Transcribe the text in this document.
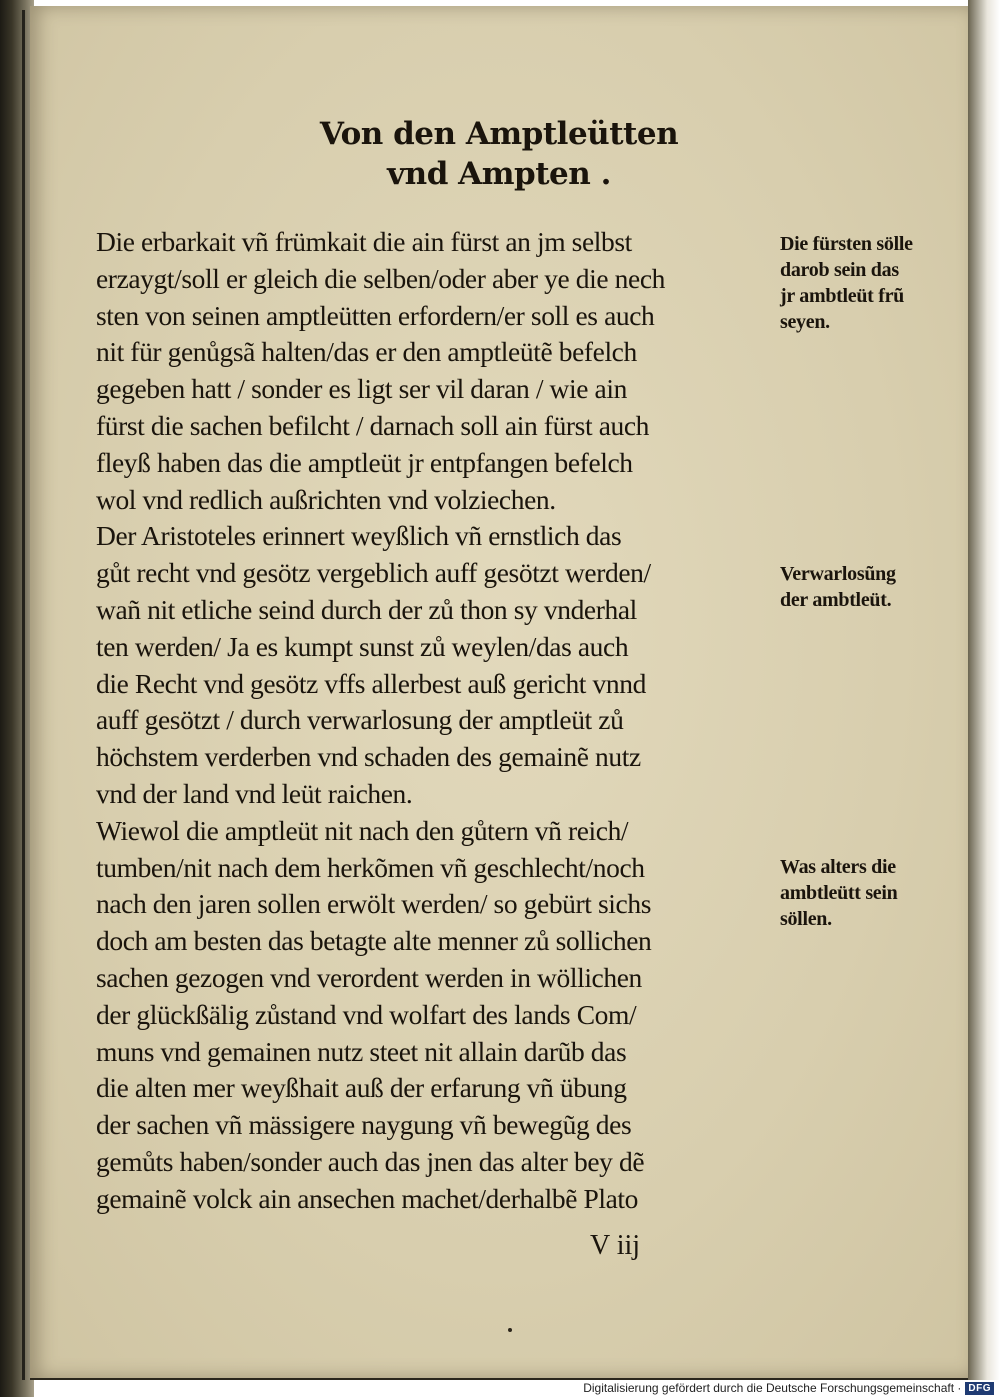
Von den Amptleütten
vnd Ampten .
Die erbarkait vñ frümkait die ain fürst an jm selbst
erzaygt/soll er gleich die selben/oder aber ye die nech
sten von seinen amptleütten erfordern/er soll es auch
nit für genůgsã halten/das er den amptleütẽ befelch
gegeben hatt / sonder es ligt ser vil daran / wie ain
fürst die sachen befilcht / darnach soll ain fürst auch
fleyß haben das die amptleüt jr entpfangen befelch
wol vnd redlich außrichten vnd volziechen.
Der Aristoteles erinnert weyßlich vñ ernstlich das
gůt recht vnd gesötz vergeblich auff gesötzt werden/
wañ nit etliche seind durch der zů thon sy vnderhal
ten werden/ Ja es kumpt sunst zů weylen/das auch
die Recht vnd gesötz vffs allerbest auß gericht vnnd
auff gesötzt / durch verwarlosung der amptleüt zů
höchstem verderben vnd schaden des gemainẽ nutz
vnd der land vnd leüt raichen.
Wiewol die amptleüt nit nach den gůtern vñ reich/
tumben/nit nach dem herkõmen vñ geschlecht/noch
nach den jaren sollen erwölt werden/ so gebürt sichs
doch am besten das betagte alte menner zů sollichen
sachen gezogen vnd verordent werden in wöllichen
der glückßälig zůstand vnd wolfart des lands Com/
muns vnd gemainen nutz steet nit allain darũb das
die alten mer weyßhait auß der erfarung vñ übung
der sachen vñ mässigere naygung vñ bewegũg des
gemůts haben/sonder auch das jnen das alter bey dẽ
gemainẽ volck ain ansechen machet/derhalbẽ Plato
Die fürsten sölle
darob sein das
jr ambtleüt frũ
seyen.
Verwarlosũng
der ambtleüt.
Was alters die
ambtleütt sein
söllen.
V iij
Digitalisierung gefördert durch die Deutsche Forschungsgemeinschaft · DFG
